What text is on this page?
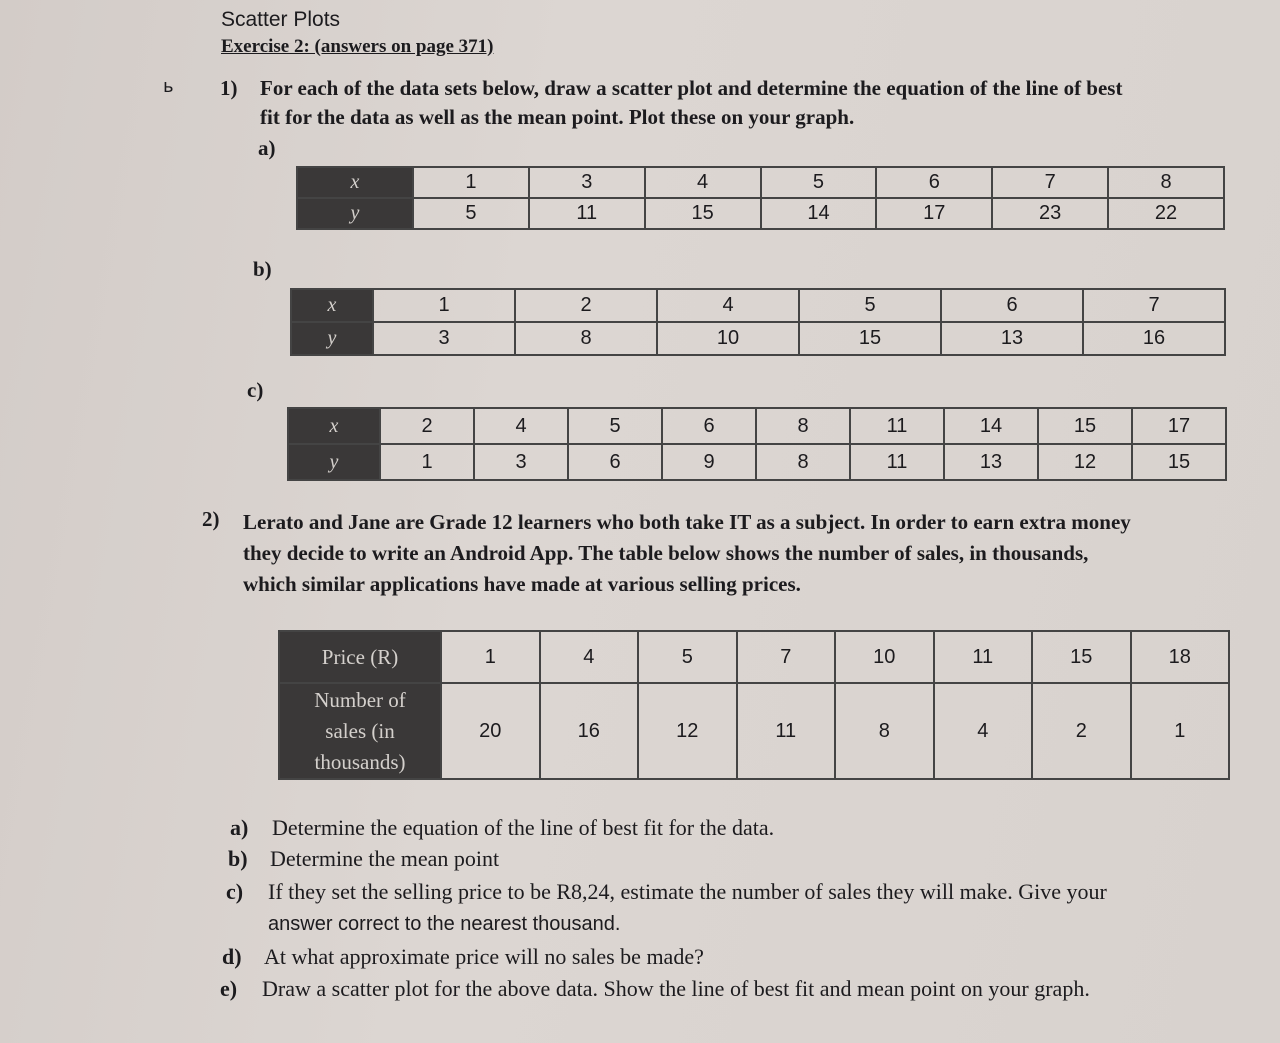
Scatter Plots
Exercise 2: (answers on page 371)
ь 1) For each of the data sets below, draw a scatter plot and determine the equation of the line of best
fit for the data as well as the mean point. Plot these on your graph.
a)
x	1	3	4	5	6	7	8
y	5	11	15	14	17	23	22
b)
x	1	2	4	5	6	7
y	3	8	10	15	13	16
c)
x	2	4	5	6	8	11	14	15	17
y	1	3	6	9	8	11	13	12	15
2) Lerato and Jane are Grade 12 learners who both take IT as a subject. In order to earn extra money
they decide to write an Android App. The table below shows the number of sales, in thousands,
which similar applications have made at various selling prices.
Price (R)	1	4	5	7	10	11	15	18

Number of
sales (in
thousands)	20	16	12	11	8	4	2	1
a) Determine the equation of the line of best fit for the data.
b) Determine the mean point
c) If they set the selling price to be R8,24, estimate the number of sales they will make. Give your
answer correct to the nearest thousand.
d) At what approximate price will no sales be made?
e) Draw a scatter plot for the above data. Show the line of best fit and mean point on your graph.
